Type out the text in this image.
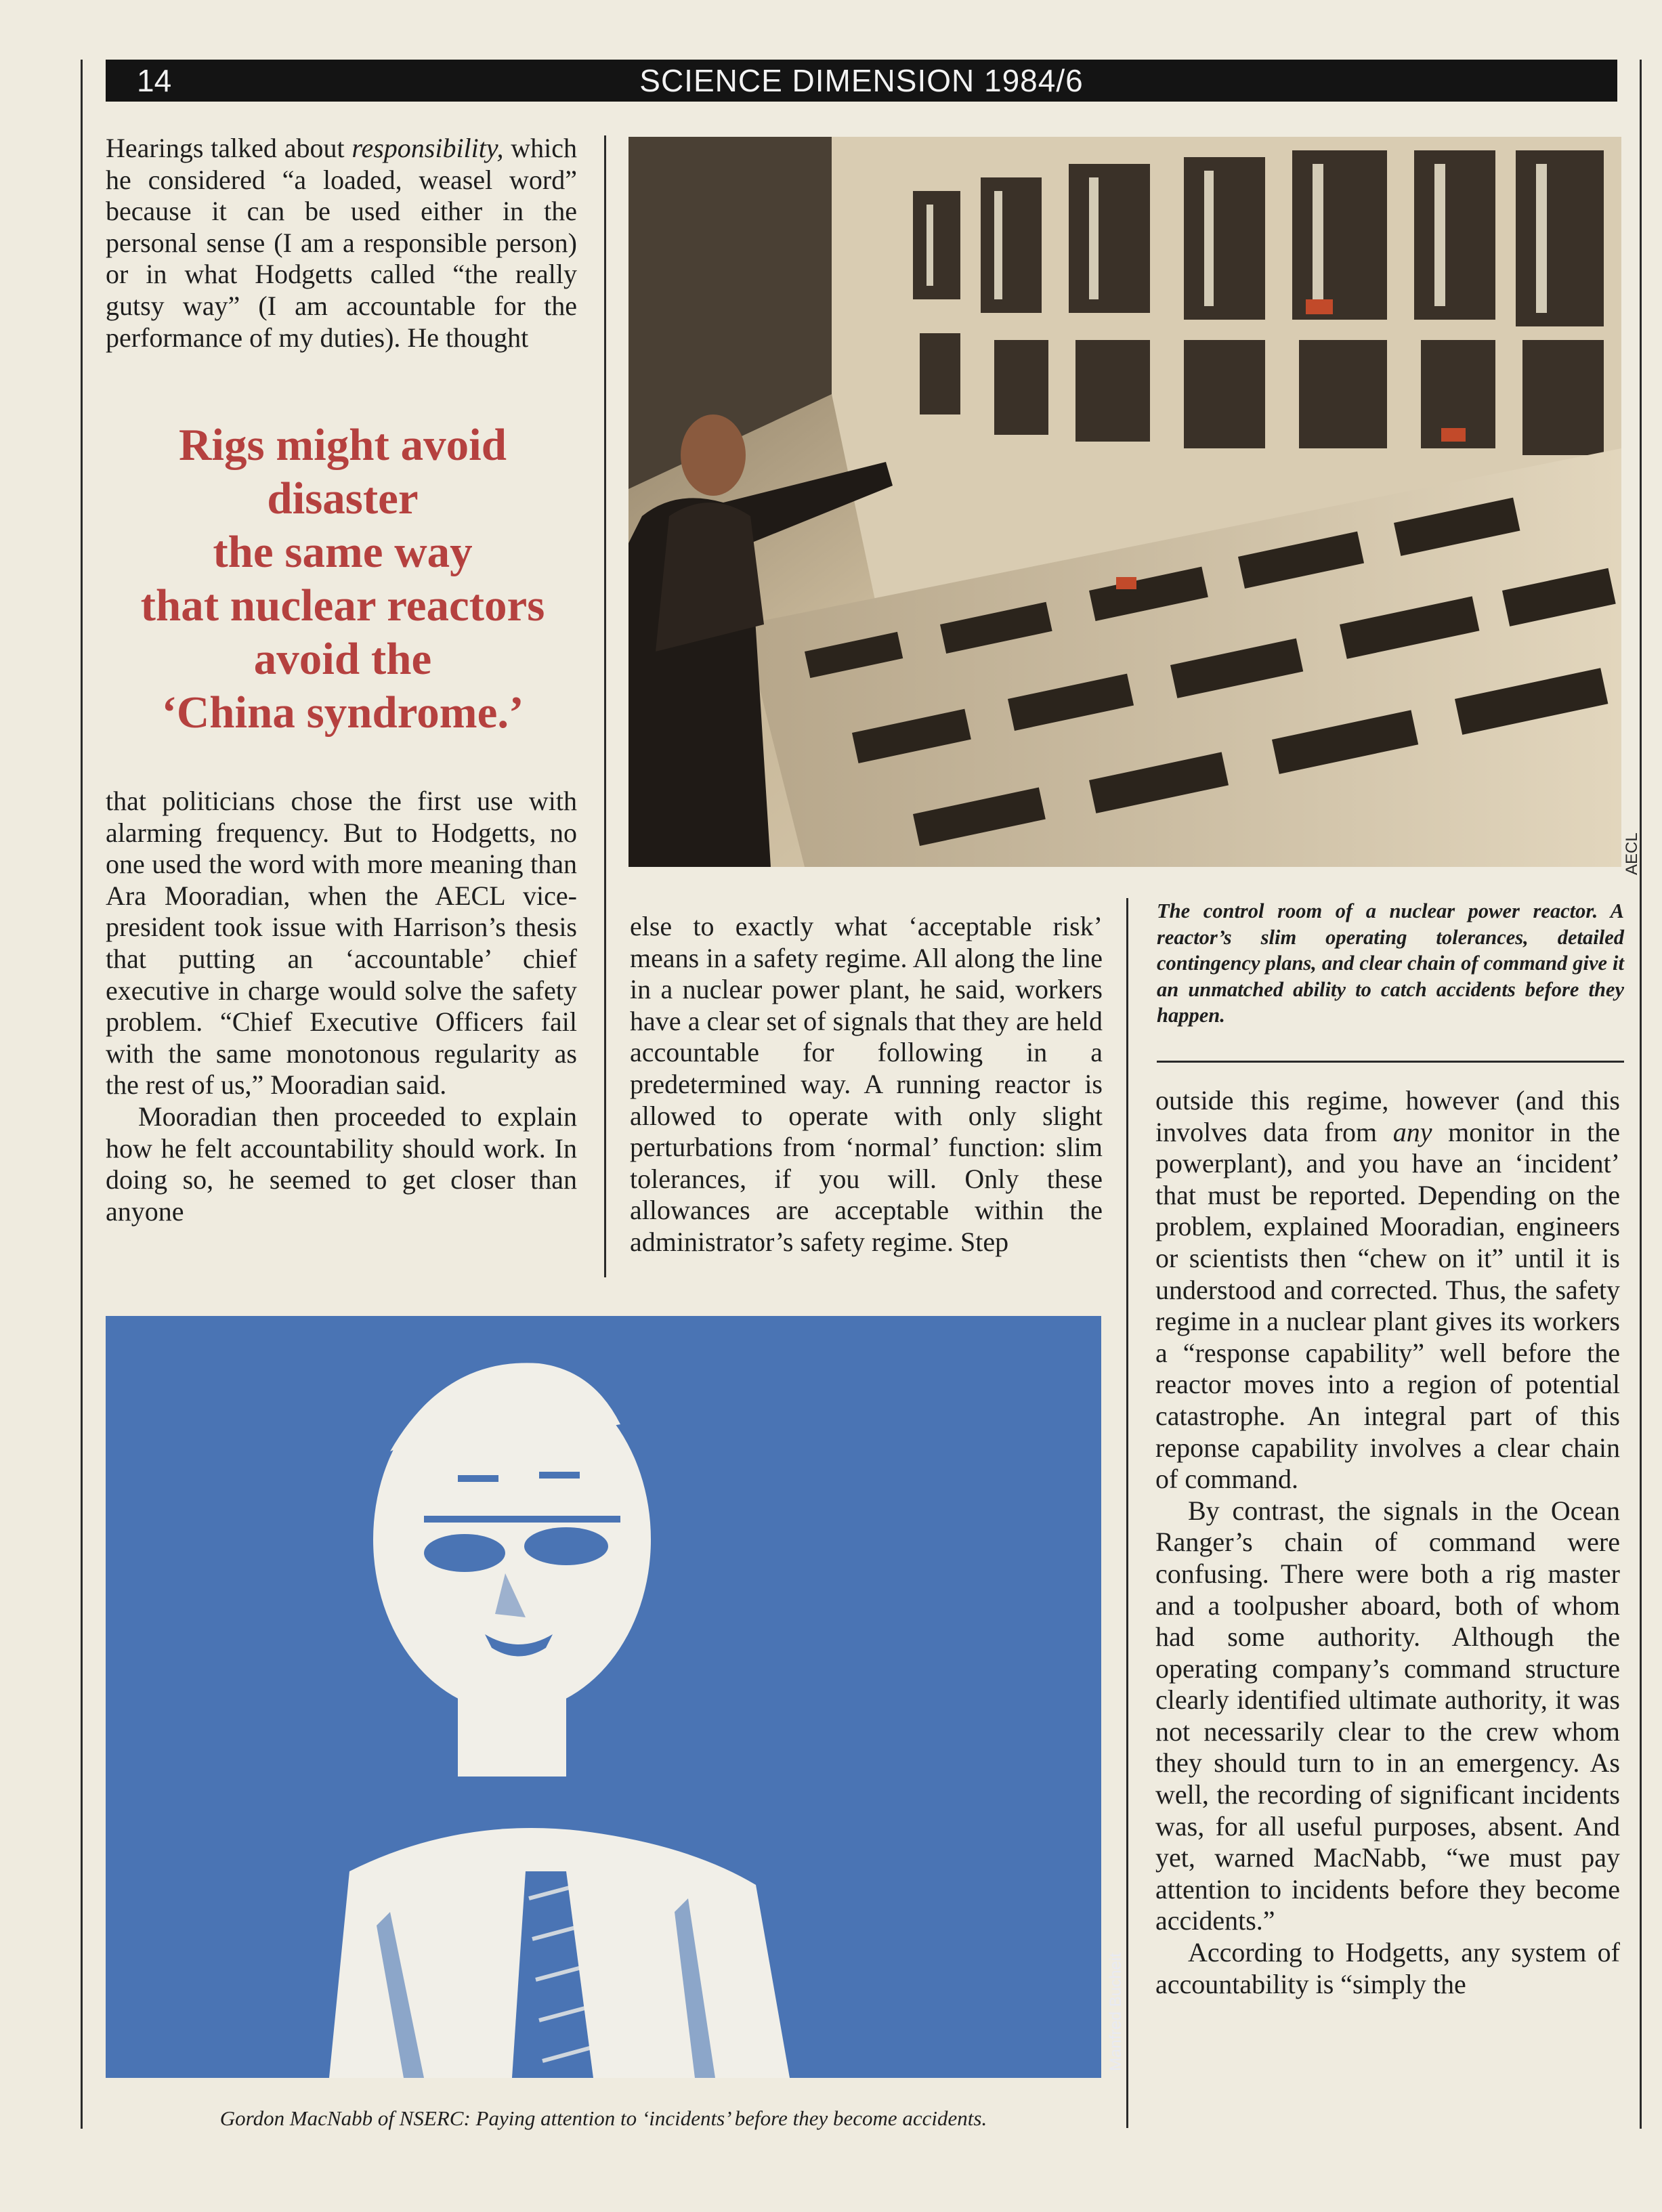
14	SCIENCE DIMENSION 1984/6

Hearings talked about responsibility, which he considered “a loaded, weasel word” because it can be used either in the personal sense (I am a responsible person) or in what Hodgetts called “the really gutsy way” (I am accountable for the performance of my duties). He thought

Rigs might avoid
disaster
the same way
that nuclear reactors
avoid the
‘China syndrome.’

that politicians chose the first use with alarming frequency. But to Hodgetts, no one used the word with more meaning than Ara Mooradian, when the AECL vice-president took issue with Harrison’s thesis that putting an ‘accountable’ chief executive in charge would solve the safety problem. “Chief Executive Officers fail with the same monotonous regularity as the rest of us,” Mooradian said.

Mooradian then proceeded to explain how he felt accountability should work. In doing so, he seemed to get closer than anyone

AECL

else to exactly what ‘acceptable risk’ means in a safety regime. All along the line in a nuclear power plant, he said, workers have a clear set of signals that they are held accountable for following in a predetermined way. A running reactor is allowed to operate with only slight perturbations from ‘normal’ function: slim tolerances, if you will. Only these allowances are acceptable within the administrator’s safety regime. Step

The control room of a nuclear power reactor. A reactor’s slim operating tolerances, detailed contingency plans, and clear chain of command give it an unmatched ability to catch accidents before they happen.

outside this regime, however (and this involves data from any monitor in the powerplant), and you have an ‘incident’ that must be reported. Depending on the problem, explained Mooradian, engineers or scientists then “chew on it” until it is understood and corrected. Thus, the safety regime in a nuclear plant gives its workers a “response capability” well before the reactor moves into a region of potential catastrophe. An integral part of this reponse capability involves a clear chain of command.

By contrast, the signals in the Ocean Ranger’s chain of command were confusing. There were both a rig master and a toolpusher aboard, both of whom had some authority. Although the operating company’s command structure clearly identified ultimate authority, it was not necessarily clear to the crew whom they should turn to in an emergency. As well, the recording of significant incidents was, for all useful purposes, absent. And yet, warned MacNabb, “we must pay attention to incidents before they become accidents.”

According to Hodgetts, any system of accountability is “simply the

Manfred Bucheit
Gordon MacNabb of NSERC: Paying attention to ‘incidents’ before they become accidents.
